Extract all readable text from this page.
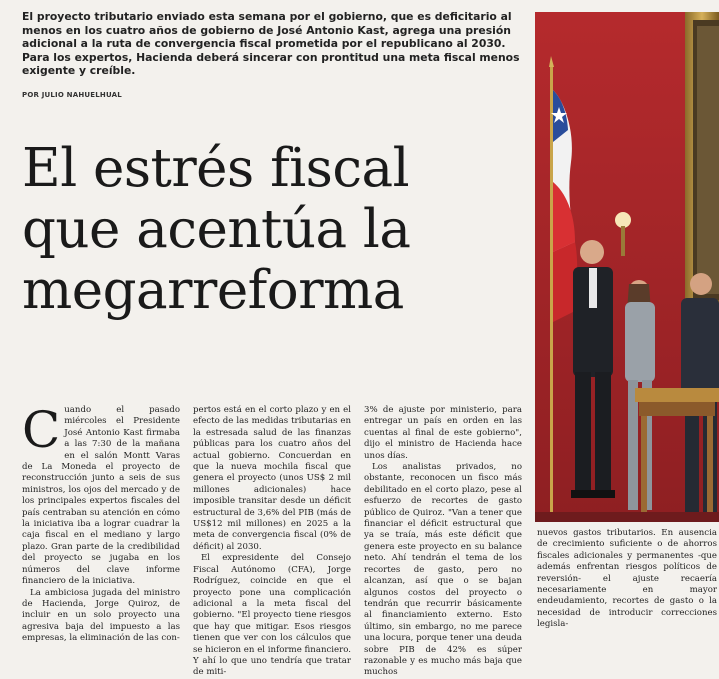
El proyecto tributario enviado esta semana por el gobierno, que es deficitario al menos en los cuatro años de gobierno de José Antonio Kast, agrega una presión adicional a la ruta de convergencia fiscal prometida por el republicano al 2030. Para los expertos, Hacienda deberá sincerar con prontitud una meta fiscal menos exigente y creíble.

POR JULIO NAHUELHUAL
El estrés fiscal
que acentúa la
megarreforma

Cuando el pasado miércoles el Presidente José Antonio Kast firmaba a las 7:30 de la mañana en el salón Montt Varas de La Moneda el proyecto de reconstrucción junto a seis de sus ministros, los ojos del mercado y de los principales expertos fiscales del país centraban su atención en cómo la iniciativa iba a lograr cuadrar la caja fiscal en el mediano y largo plazo. Gran parte de la credibilidad del proyecto se jugaba en los números del clave informe financiero de la iniciativa.

La ambiciosa jugada del ministro de Hacienda, Jorge Quiroz, de incluir en un solo proyecto una agresiva baja del impuesto a las empresas, la eliminación de las con-

pertos está en el corto plazo y en el efecto de las medidas tributarias en la estresada salud de las finanzas públicas para los cuatro años del actual gobierno. Concuerdan en que la nueva mochila fiscal que genera el proyecto (unos US$ 2 mil millones adicionales) hace imposible transitar desde un déficit estructural de 3,6% del PIB (más de US$12 mil millones) en 2025 a la meta de convergencia fiscal (0% de déficit) al 2030.

El expresidente del Consejo Fiscal Autónomo (CFA), Jorge Rodríguez, coincide en que el proyecto pone una complicación adicional a la meta fiscal del gobierno. "El proyecto tiene riesgos que hay que mitigar. Esos riesgos tienen que ver con los cálculos que se hicieron en el informe financiero. Y ahí lo que uno tendría que tratar de miti-

3% de ajuste por ministerio, para entregar un país en orden en las cuentas al final de este gobierno", dijo el ministro de Hacienda hace unos días.

Los analistas privados, no obstante, reconocen un fisco más debilitado en el corto plazo, pese al esfuerzo de recortes de gasto público de Quiroz. "Van a tener que financiar el déficit estructural que ya se traía, más este déficit que genera este proyecto en su balance neto. Ahí tendrán el tema de los recortes de gasto, pero no alcanzan, así que o se bajan algunos costos del proyecto o tendrán que recurrir básicamente al financiamiento externo. Esto último, sin embargo, no me parece una locura, porque tener una deuda sobre PIB de 42% es súper razonable y es mucho más baja que muchos

nuevos gastos tributarios. En ausencia de crecimiento suficiente o de ahorros fiscales adicionales y permanentes -que además enfrentan riesgos políticos de reversión- el ajuste recaería necesariamente en mayor endeudamiento, recortes de gasto o la necesidad de introducir correcciones legisla-
